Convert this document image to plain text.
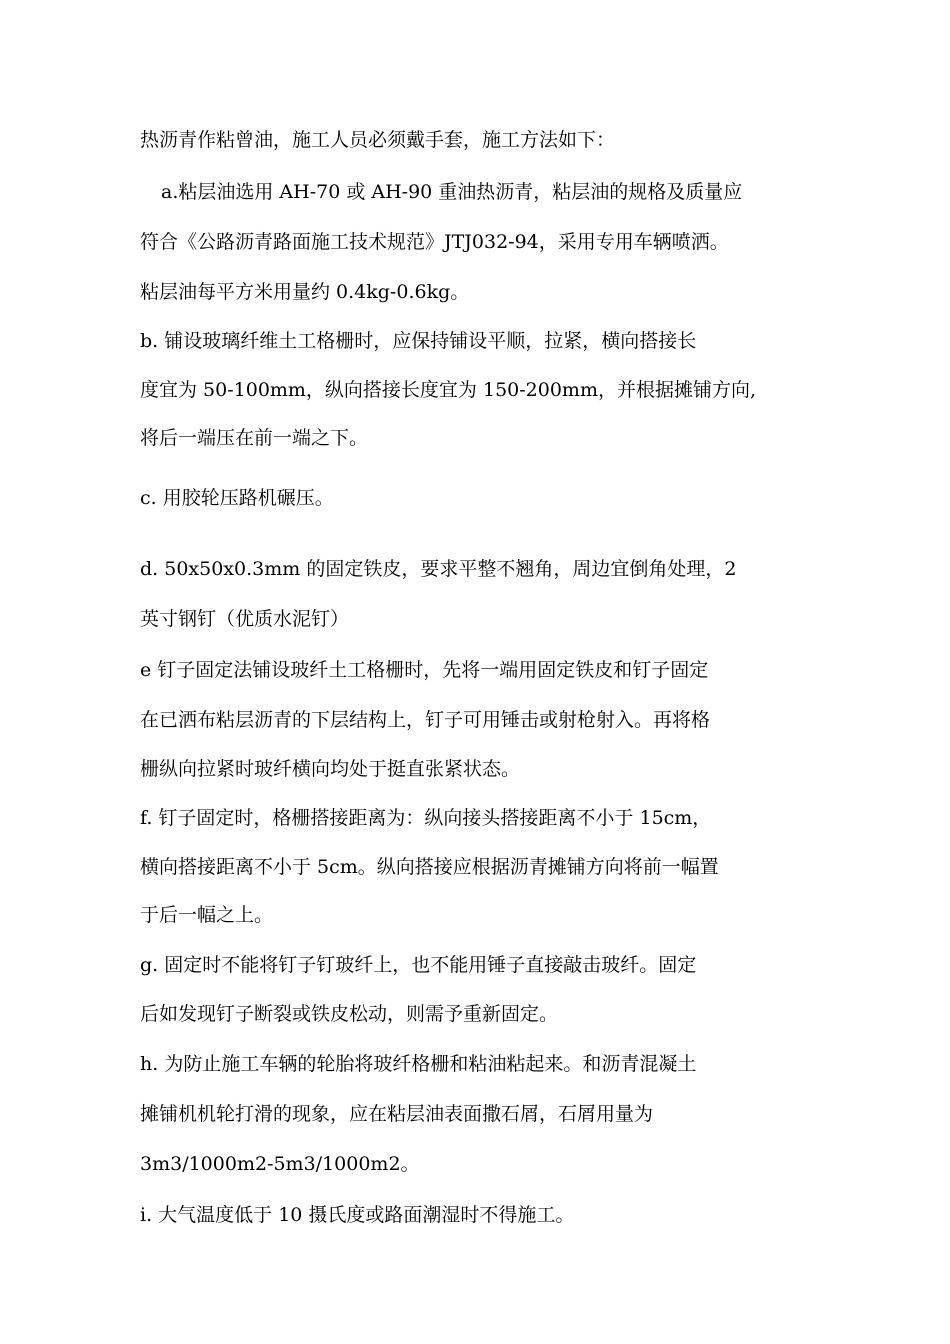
热沥青作粘曾油，施工人员必须戴手套，施工方法如下：
a.粘层油选用 AH-70 或 AH-90 重油热沥青，粘层油的规格及质量应
符合《公路沥青路面施工技术规范》JTJ032-94，采用专用车辆喷洒。
粘层油每平方米用量约 0.4kg-0.6kg。
b. 铺设玻璃纤维土工格栅时，应保持铺设平顺，拉紧，横向搭接长
度宜为 50-100mm，纵向搭接长度宜为 150-200mm，并根据摊铺方向,
将后一端压在前一端之下。
c. 用胶轮压路机碾压。
d. 50x50x0.3mm 的固定铁皮，要求平整不翘角，周边宜倒角处理，2
英寸钢钉（优质水泥钉）
e 钉子固定法铺设玻纤土工格栅时，先将一端用固定铁皮和钉子固定
在已洒布粘层沥青的下层结构上，钉子可用锤击或射枪射入。再将格
栅纵向拉紧时玻纤横向均处于挺直张紧状态。
f. 钉子固定时，格栅搭接距离为：纵向接头搭接距离不小于 15cm，
横向搭接距离不小于 5cm。纵向搭接应根据沥青摊铺方向将前一幅置
于后一幅之上。
g. 固定时不能将钉子钉玻纤上，也不能用锤子直接敲击玻纤。固定
后如发现钉子断裂或铁皮松动，则需予重新固定。
h. 为防止施工车辆的轮胎将玻纤格栅和粘油粘起来。和沥青混凝土
摊铺机机轮打滑的现象，应在粘层油表面撒石屑，石屑用量为
3m3/1000m2-5m3/1000m2。
i. 大气温度低于 10 摄氏度或路面潮湿时不得施工。
